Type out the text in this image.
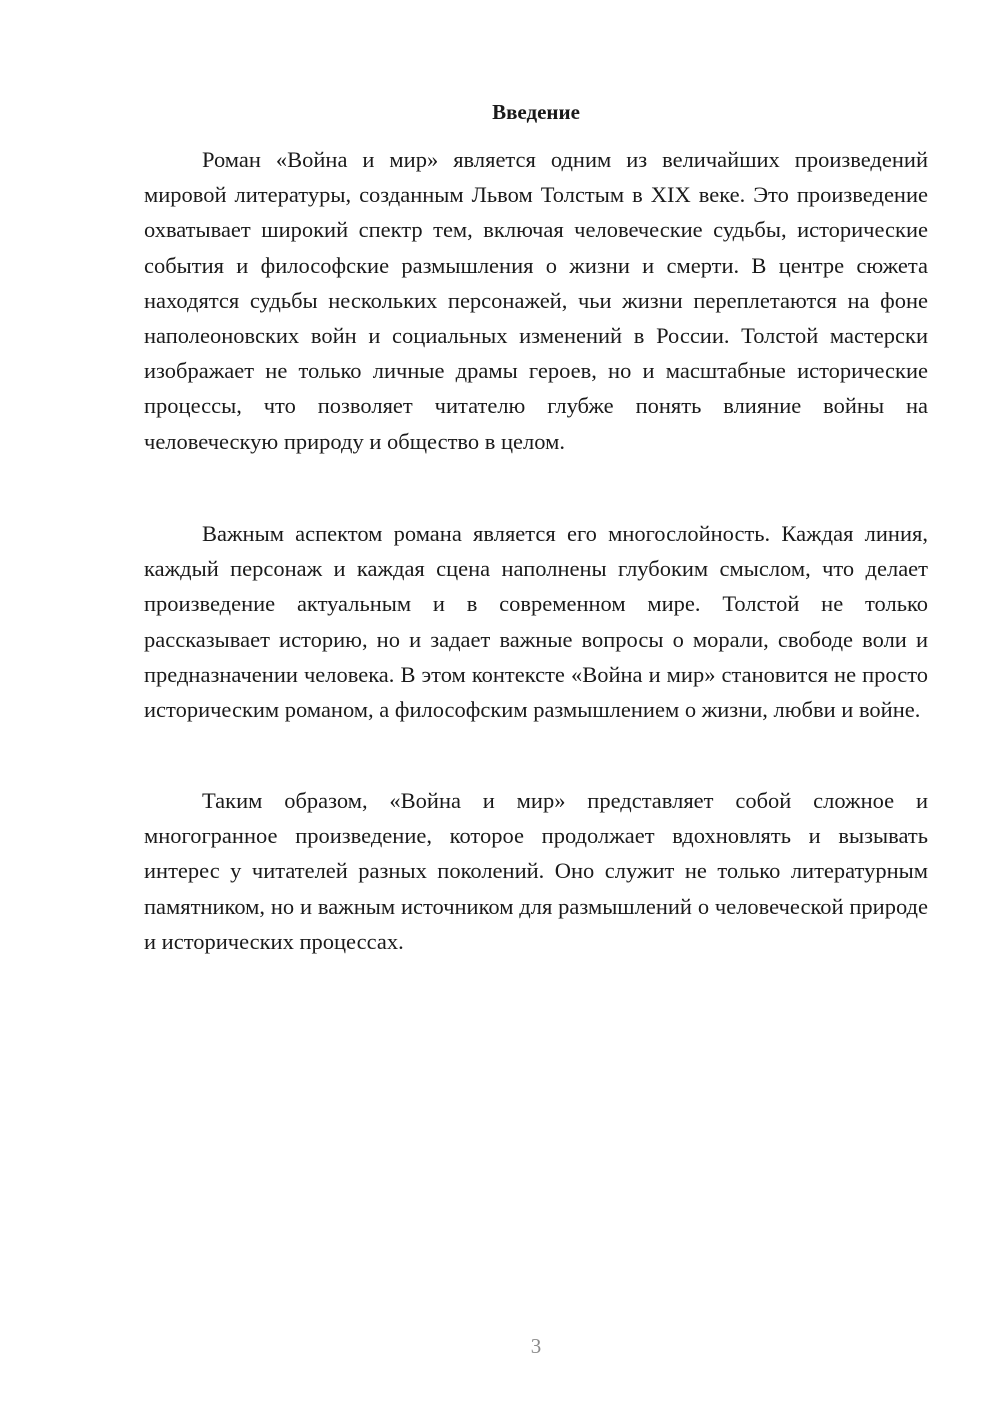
Введение

Роман «Война и мир» является одним из величайших произведений мировой литературы, созданным Львом Толстым в XIX веке. Это произведение охватывает широкий спектр тем, включая человеческие судьбы, исторические события и философские размышления о жизни и смерти. В центре сюжета находятся судьбы нескольких персонажей, чьи жизни переплетаются на фоне наполеоновских войн и социальных изменений в России. Толстой мастерски изображает не только личные драмы героев, но и масштабные исторические процессы, что позволяет читателю глубже понять влияние войны на человеческую природу и общество в целом.

Важным аспектом романа является его многослойность. Каждая линия, каждый персонаж и каждая сцена наполнены глубоким смыслом, что делает произведение актуальным и в современном мире. Толстой не только рассказывает историю, но и задает важные вопросы о морали, свободе воли и предназначении человека. В этом контексте «Война и мир» становится не просто историческим романом, а философским размышлением о жизни, любви и войне.

Таким образом, «Война и мир» представляет собой сложное и многогранное произведение, которое продолжает вдохновлять и вызывать интерес у читателей разных поколений. Оно служит не только литературным памятником, но и важным источником для размышлений о человеческой природе и исторических процессах.

3
